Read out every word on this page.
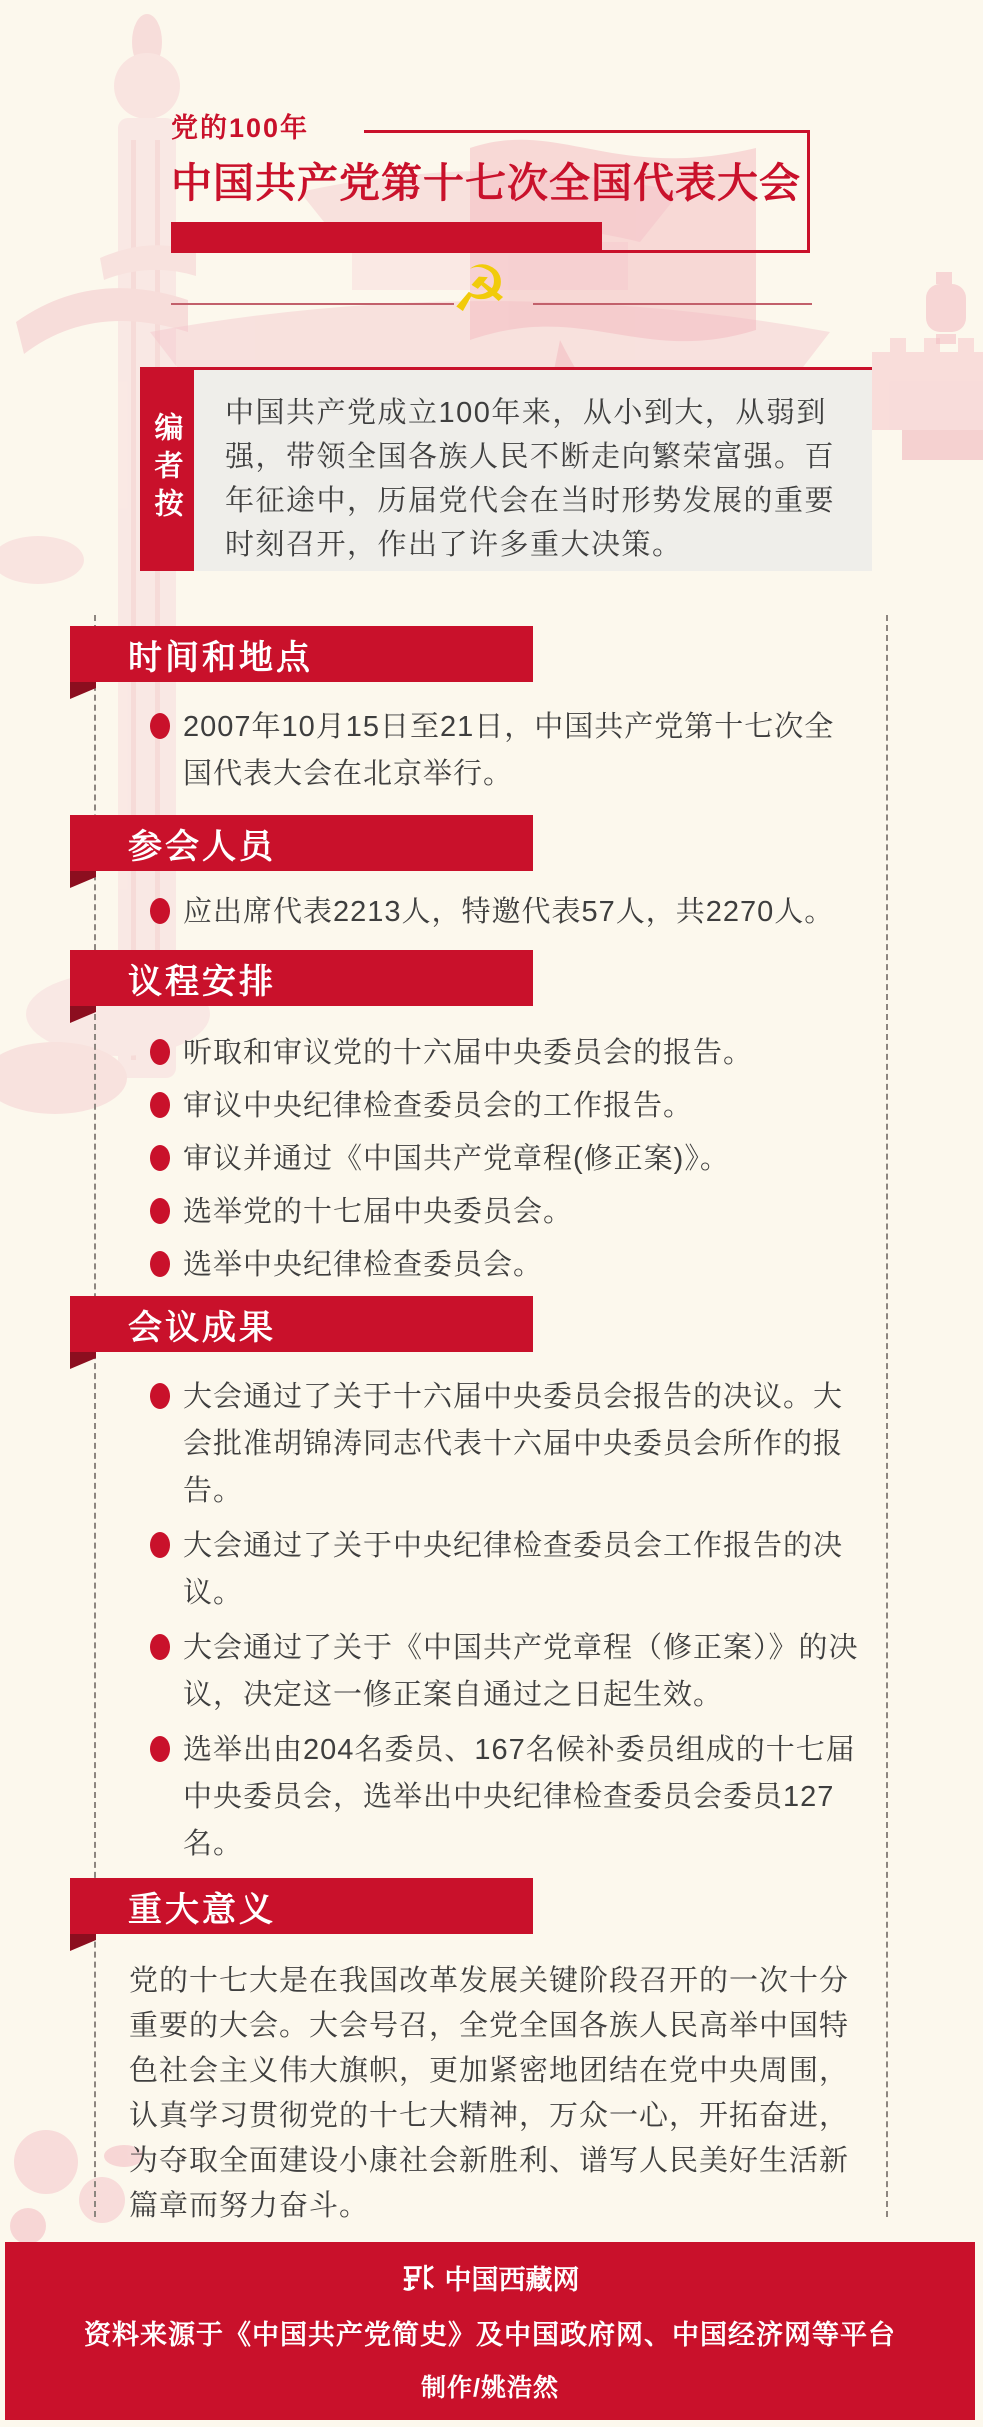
党的100年
中国共产党第十七次全国代表大会
☭
编者按 中国共产党成立100年来，从小到大，从弱到强，带领全国各族人民不断走向繁荣富强。百年征途中，历届党代会在当时形势发展的重要时刻召开，作出了许多重大决策。

时间和地点

2007年10月15日至21日，中国共产党第十七次全国代表大会在北京举行。

参会人员

应出席代表2213人，特邀代表57人，共2270人。

议程安排

听取和审议党的十六届中央委员会的报告。

审议中央纪律检查委员会的工作报告。

审议并通过《中国共产党章程(修正案)》。

选举党的十七届中央委员会。

选举中央纪律检查委员会。

会议成果

大会通过了关于十六届中央委员会报告的决议。大会批准胡锦涛同志代表十六届中央委员会所作的报告。

大会通过了关于中央纪律检查委员会工作报告的决议。

大会通过了关于《中国共产党章程（修正案）》的决议，决定这一修正案自通过之日起生效。

选举出由204名委员、167名候补委员组成的十七届中央委员会，选举出中央纪律检查委员会委员127名。

重大意义

党的十七大是在我国改革发展关键阶段召开的一次十分重要的大会。大会号召，全党全国各族人民高举中国特色社会主义伟大旗帜，更加紧密地团结在党中央周围，认真学习贯彻党的十七大精神，万众一心，开拓奋进，为夺取全面建设小康社会新胜利、谱写人民美好生活新篇章而努力奋斗。

中国西藏网

资料来源于《中国共产党简史》及中国政府网、中国经济网等平台

制作/姚浩然
